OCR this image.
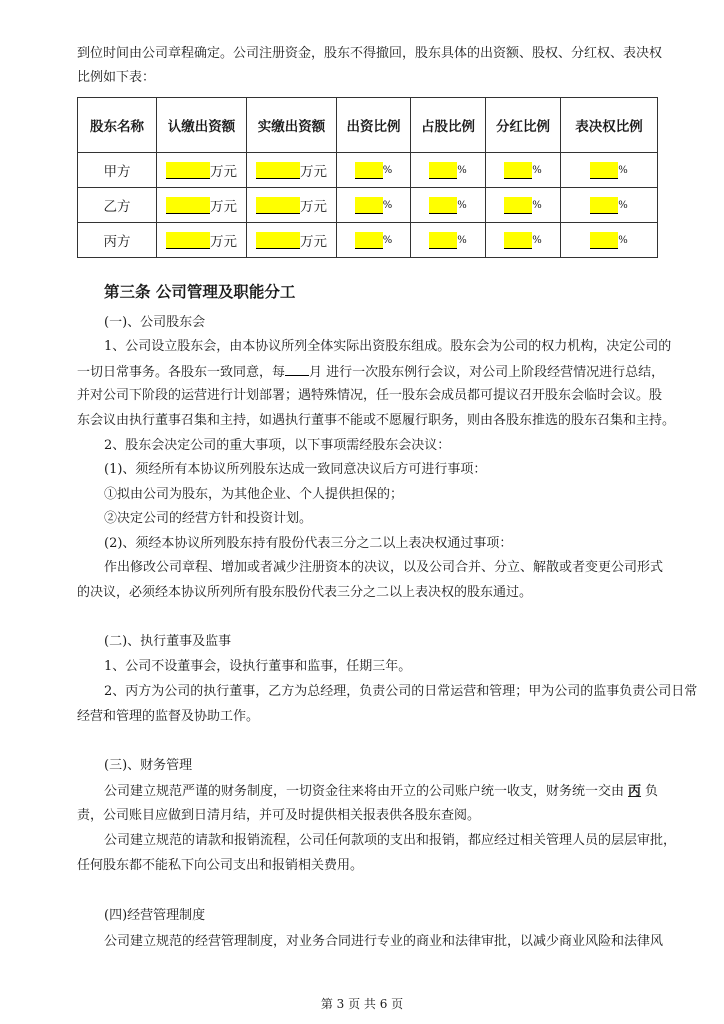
到位时间由公司章程确定。公司注册资金，股东不得撤回，股东具体的出资额、股权、分红权、表决权

比例如下表：

股东名称	认缴出资额	实缴出资额	出资比例	占股比例	分红比例	表决权比例
甲方	万元	万元	%	%	%	%
乙方	万元	万元	%	%	%	%
丙方	万元	万元	%	%	%	%
第三条 公司管理及职能分工

(一)、公司股东会

1、公司设立股东会，由本协议所列全体实际出资股东组成。股东会为公司的权力机构，决定公司的

一切日常事务。各股东一致同意，每 月 进行一次股东例行会议，对公司上阶段经营情况进行总结，

并对公司下阶段的运营进行计划部署；遇特殊情况，任一股东会成员都可提议召开股东会临时会议。股

东会议由执行董事召集和主持，如遇执行董事不能或不愿履行职务，则由各股东推选的股东召集和主持。

2、股东会决定公司的重大事项，以下事项需经股东会决议：

(1)、须经所有本协议所列股东达成一致同意决议后方可进行事项：

①拟由公司为股东，为其他企业、个人提供担保的；

②决定公司的经营方针和投资计划。

(2)、须经本协议所列股东持有股份代表三分之二以上表决权通过事项：

作出修改公司章程、增加或者减少注册资本的决议，以及公司合并、分立、解散或者变更公司形式

的决议，必须经本协议所列所有股东股份代表三分之二以上表决权的股东通过。

(二)、执行董事及监事

1、公司不设董事会，设执行董事和监事，任期三年。

2、丙方为公司的执行董事，乙方为总经理，负责公司的日常运营和管理；甲为公司的监事负责公司日常

经营和管理的监督及协助工作。

(三)、财务管理

公司建立规范严谨的财务制度，一切资金往来将由开立的公司账户统一收支，财务统一交由 丙 负

责，公司账目应做到日清月结，并可及时提供相关报表供各股东查阅。

公司建立规范的请款和报销流程，公司任何款项的支出和报销，都应经过相关管理人员的层层审批，

任何股东都不能私下向公司支出和报销相关费用。

(四)经营管理制度

公司建立规范的经营管理制度，对业务合同进行专业的商业和法律审批，以减少商业风险和法律风

第 3 页 共 6 页
